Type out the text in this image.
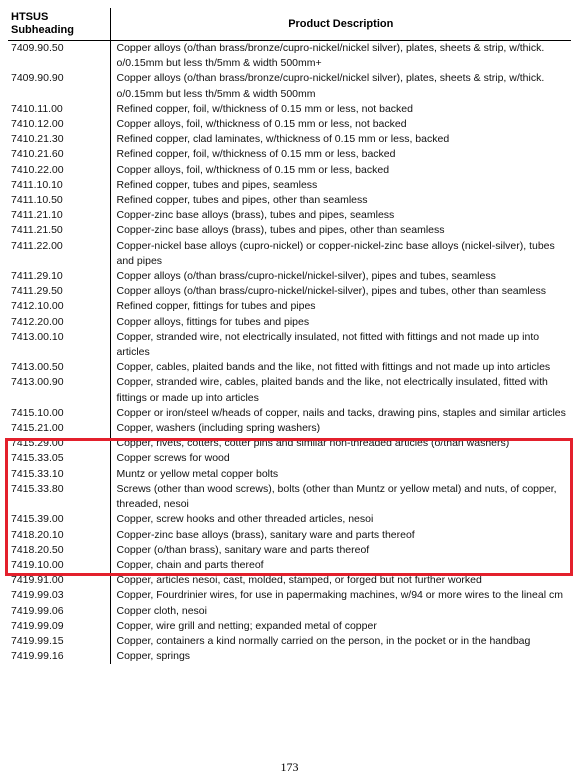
HTSUS Subheading	Product Description
7409.90.50	Copper alloys (o/than brass/bronze/cupro-nickel/nickel silver), plates, sheets & strip, w/thick. o/0.15mm but less th/5mm & width 500mm+
7409.90.90	Copper alloys (o/than brass/bronze/cupro-nickel/nickel silver), plates, sheets & strip, w/thick. o/0.15mm but less th/5mm & width 500mm
7410.11.00	Refined copper, foil, w/thickness of 0.15 mm or less, not backed
7410.12.00	Copper alloys, foil, w/thickness of 0.15 mm or less, not backed
7410.21.30	Refined copper, clad laminates, w/thickness of 0.15 mm or less, backed
7410.21.60	Refined copper, foil, w/thickness of 0.15 mm or less, backed
7410.22.00	Copper alloys, foil, w/thickness of 0.15 mm or less, backed
7411.10.10	Refined copper, tubes and pipes, seamless
7411.10.50	Refined copper, tubes and pipes, other than seamless
7411.21.10	Copper-zinc base alloys (brass), tubes and pipes, seamless
7411.21.50	Copper-zinc base alloys (brass), tubes and pipes, other than seamless
7411.22.00	Copper-nickel base alloys (cupro-nickel) or copper-nickel-zinc base alloys (nickel-silver), tubes and pipes
7411.29.10	Copper alloys (o/than brass/cupro-nickel/nickel-silver), pipes and tubes, seamless
7411.29.50	Copper alloys (o/than brass/cupro-nickel/nickel-silver), pipes and tubes, other than seamless
7412.10.00	Refined copper, fittings for tubes and pipes
7412.20.00	Copper alloys, fittings for tubes and pipes
7413.00.10	Copper, stranded wire, not electrically insulated, not fitted with fittings and not made up into articles
7413.00.50	Copper, cables, plaited bands and the like, not fitted with fittings and not made up into articles
7413.00.90	Copper, stranded wire, cables, plaited bands and the like, not electrically insulated, fitted with fittings or made up into articles
7415.10.00	Copper or iron/steel w/heads of copper, nails and tacks, drawing pins, staples and similar articles
7415.21.00	Copper, washers (including spring washers)
7415.29.00	Copper, rivets, cotters, cotter pins and similar non-threaded articles (o/than washers)
7415.33.05	Copper screws for wood
7415.33.10	Muntz or yellow metal copper bolts
7415.33.80	Screws (other than wood screws), bolts (other than Muntz or yellow metal) and nuts, of copper, threaded, nesoi
7415.39.00	Copper, screw hooks and other threaded articles, nesoi
7418.20.10	Copper-zinc base alloys (brass), sanitary ware and parts thereof
7418.20.50	Copper (o/than brass), sanitary ware and parts thereof
7419.10.00	Copper, chain and parts thereof
7419.91.00	Copper, articles nesoi, cast, molded, stamped, or forged but not further worked
7419.99.03	Copper, Fourdrinier wires, for use in papermaking machines, w/94 or more wires to the lineal cm
7419.99.06	Copper cloth, nesoi
7419.99.09	Copper, wire grill and netting; expanded metal of copper
7419.99.15	Copper, containers a kind normally carried on the person, in the pocket or in the handbag
7419.99.16	Copper, springs
173
